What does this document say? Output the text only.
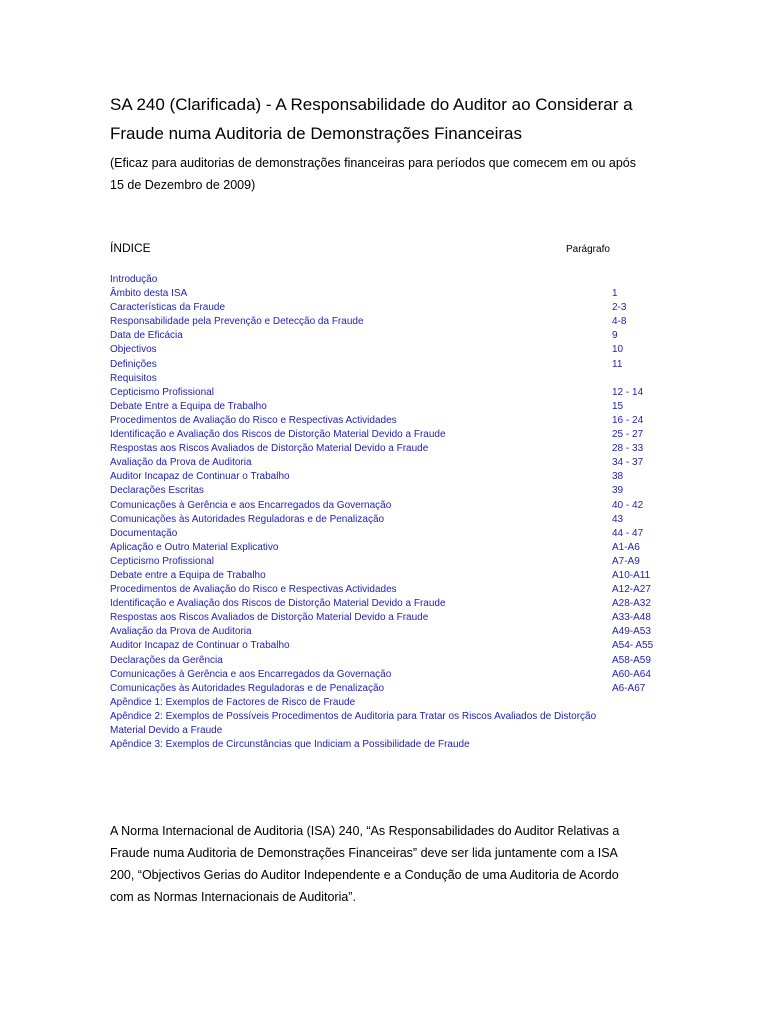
SA 240 (Clarificada) - A Responsabilidade do Auditor ao Considerar a
Fraude numa Auditoria de Demonstrações Financeiras
(Eficaz para auditorias de demonstrações financeiras para períodos que comecem em ou após
15 de Dezembro de 2009)
ÍNDICE	Parágrafo
Introdução
Âmbito desta ISA	1
Características da Fraude	2-3
Responsabilidade pela Prevenção e Detecção da Fraude	4-8
Data de Eficácia	9
Objectivos	10
Definições	11
Requisitos
Cepticismo Profissional	12 - 14
Debate Entre a Equipa de Trabalho	15
Procedimentos de Avaliação do Risco e Respectivas Actividades	16 - 24
Identificação e Avaliação dos Riscos de Distorção Material Devido a Fraude	25 - 27
Respostas aos Riscos Avaliados de Distorção Material Devido a Fraude	28 - 33
Avaliação da Prova de Auditoria	34 - 37
Auditor Incapaz de Continuar o Trabalho	38
Declarações Escritas	39
Comunicações à Gerência e aos Encarregados da Governação	40 - 42
Comunicações às Autoridades Reguladoras e de Penalização	43
Documentação	44 - 47
Aplicação e Outro Material Explicativo	A1-A6
Cepticismo Profissional	A7-A9
Debate entre a Equipa de Trabalho	A10-A11
Procedimentos de Avaliação do Risco e Respectivas Actividades	A12-A27
Identificação e Avaliação dos Riscos de Distorção Material Devido a Fraude	A28-A32
Respostas aos Riscos Avaliados de Distorção Material Devido a Fraude	A33-A48
Avaliação da Prova de Auditoria	A49-A53
Auditor Incapaz de Continuar o Trabalho	A54- A55
Declarações da Gerência	A58-A59
Comunicações à Gerência e aos Encarregados da Governação	A60-A64
Comunicações às Autoridades Reguladoras e de Penalização	A6-A67
Apêndice 1: Exemplos de Factores de Risco de Fraude
Apêndice 2: Exemplos de Possíveis Procedimentos de Auditoria para Tratar os Riscos Avaliados de Distorção Material Devido a Fraude
Apêndice 3: Exemplos de Circunstâncias que Indiciam a Possibilidade de Fraude
A Norma Internacional de Auditoria (ISA) 240, “As Responsabilidades do Auditor Relativas a
Fraude numa Auditoria de Demonstrações Financeiras” deve ser lida juntamente com a ISA
200, “Objectivos Gerias do Auditor Independente e a Condução de uma Auditoria de Acordo
com as Normas Internacionais de Auditoria”.
